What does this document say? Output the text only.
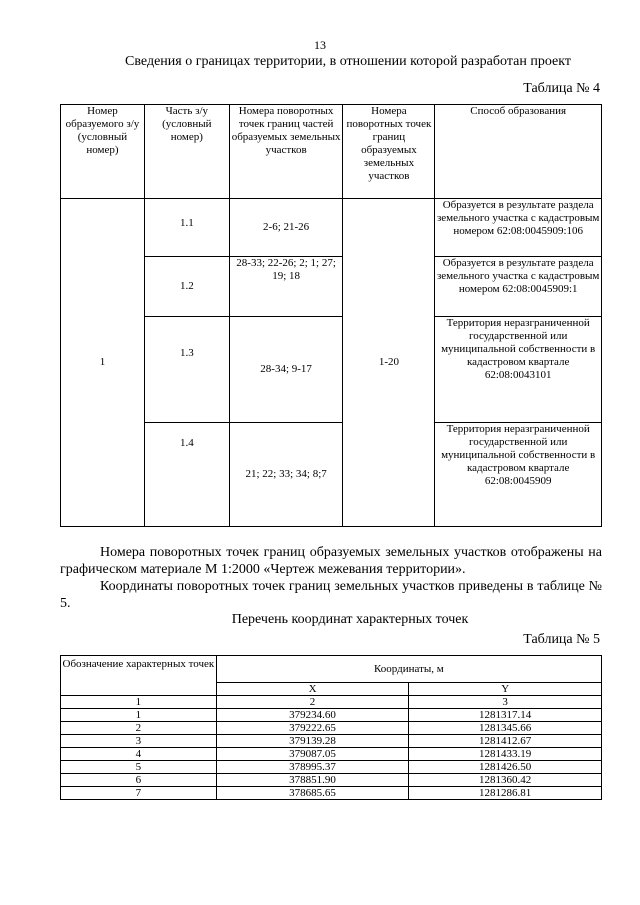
13
Сведения о границах территории, в отношении которой разработан проект
Таблица № 4
Номер образуемого з/у (условный номер)	Часть з/у (условный номер)	Номера поворотных точек границ частей образуемых земельных участков	Номера поворотных точек границ образуемых земельных участков	Способ образования
1	1.1	2-6; 21-26	1-20	Образуется в результате раздела земельного участка с кадастровым номером 62:08:0045909:106
	1.2	28-33; 22-26; 2; 1; 27; 19; 18		Образуется в результате раздела земельного участка с кадастровым номером 62:08:0045909:1
	1.3	28-34; 9-17		Территория неразграниченной государственной или муниципальной собственности в кадастровом квартале 62:08:0043101
	1.4	21; 22; 33; 34; 8;7		Территория неразграниченной государственной или муниципальной собственности в кадастровом квартале 62:08:0045909
Номера поворотных точек границ образуемых земельных участков отображены на графическом материале М 1:2000 «Чертеж межевания территории».
Координаты поворотных точек границ земельных участков приведены в таблице № 5.
Перечень координат характерных точек
Таблица № 5
Обозначение характерных точек	Координаты, м	
	X	Y
1	2	3
1	379234.60	1281317.14
2	379222.65	1281345.66
3	379139.28	1281412.67
4	379087.05	1281433.19
5	378995.37	1281426.50
6	378851.90	1281360.42
7	378685.65	1281286.81
